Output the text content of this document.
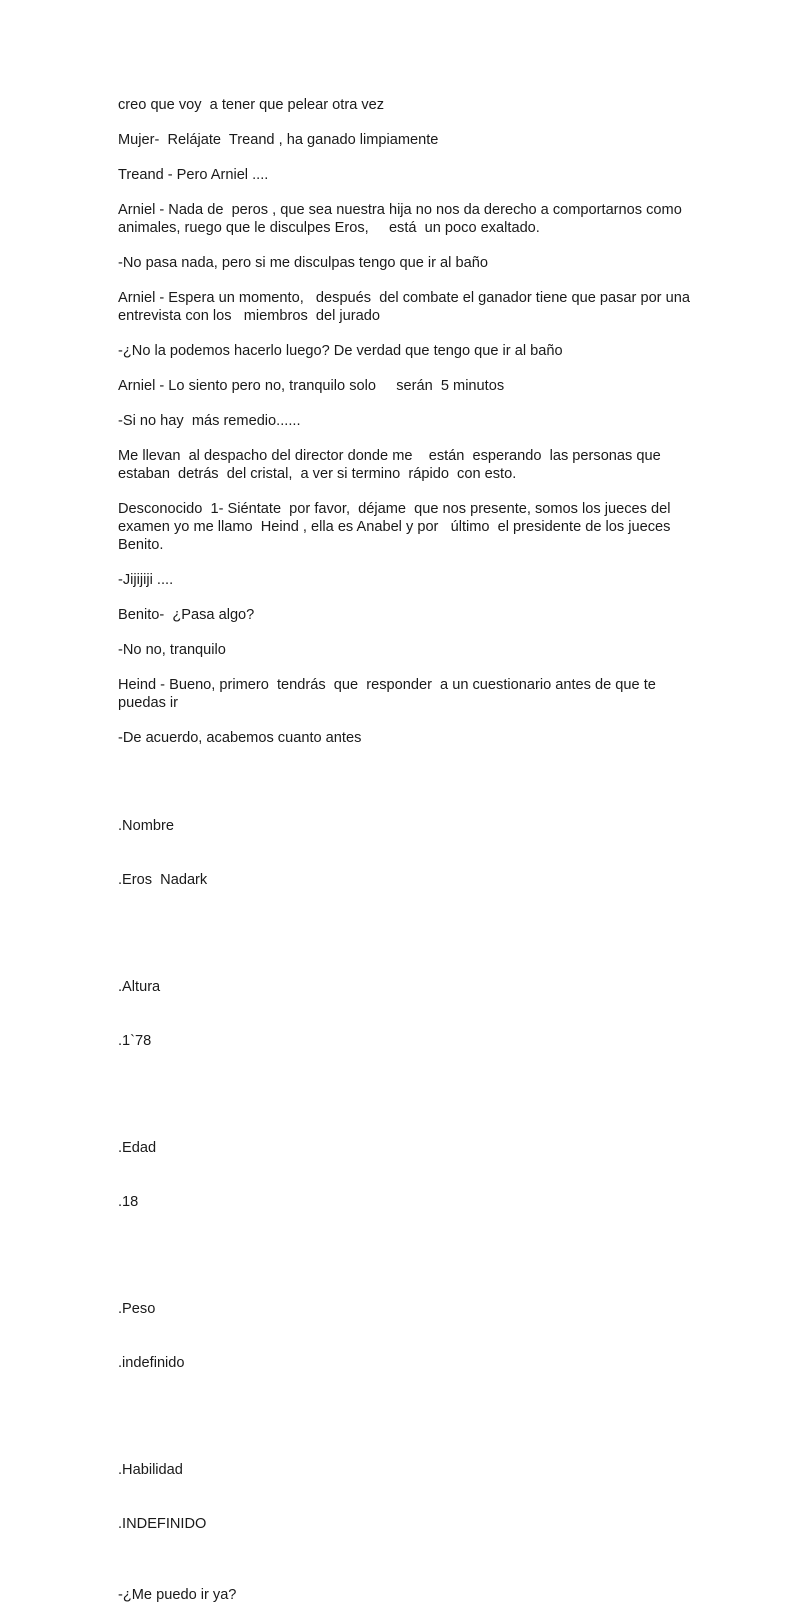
creo que voy  a tener que pelear otra vez

Mujer-  Relájate  Treand , ha ganado limpiamente

Treand - Pero Arniel ....

Arniel - Nada de  peros , que sea nuestra hija no nos da derecho a comportarnos como
animales, ruego que le disculpes Eros,     está  un poco exaltado.

-No pasa nada, pero si me disculpas tengo que ir al baño

Arniel - Espera un momento,   después  del combate el ganador tiene que pasar por una
entrevista con los   miembros  del jurado

-¿No la podemos hacerlo luego? De verdad que tengo que ir al baño

Arniel - Lo siento pero no, tranquilo solo     serán  5 minutos

-Si no hay  más remedio......

Me llevan  al despacho del director donde me    están  esperando  las personas que
estaban  detrás  del cristal,  a ver si termino  rápido  con esto.

Desconocido  1- Siéntate  por favor,  déjame  que nos presente, somos los jueces del
examen yo me llamo  Heind , ella es Anabel y por   último  el presidente de los jueces
Benito.

-Jijijiji ....

Benito-  ¿Pasa algo?

-No no, tranquilo

Heind - Bueno, primero  tendrás  que  responder  a un cuestionario antes de que te
puedas ir

-De acuerdo, acabemos cuanto antes

.Nombre

.Eros  Nadark

.Altura

.1`78

.Edad

.18

.Peso

.indefinido

.Habilidad

.INDEFINIDO

-¿Me puedo ir ya?
